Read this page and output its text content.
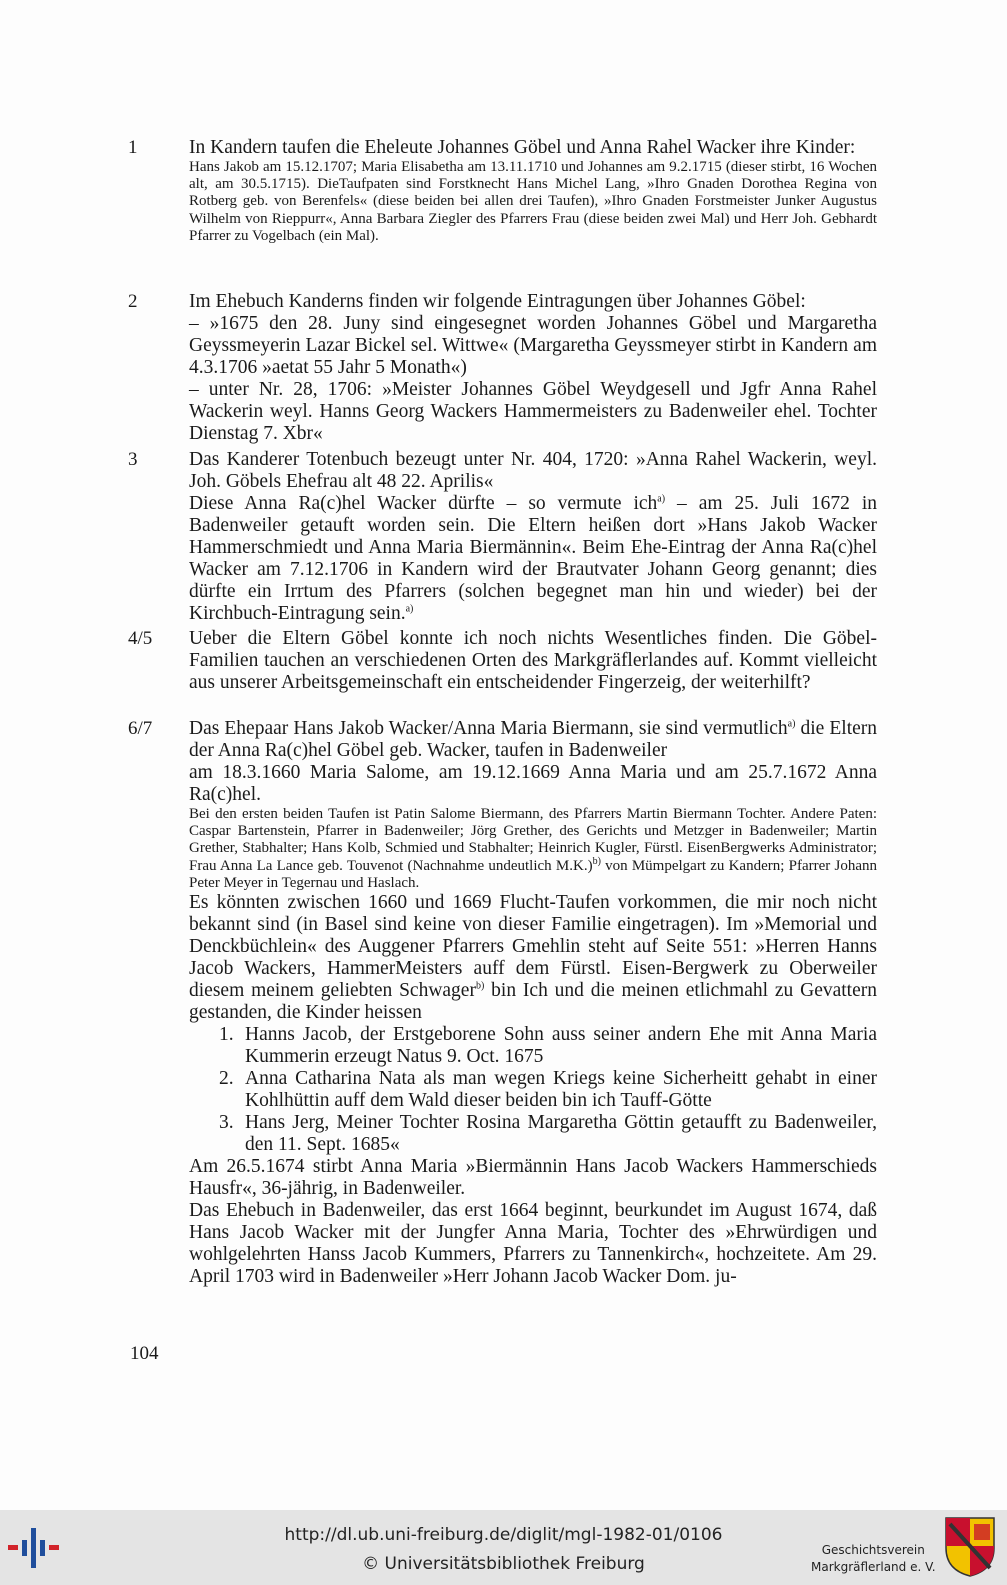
1	In Kandern taufen die Eheleute Johannes Göbel und Anna Rahel Wacker ihre Kinder:

Hans Jakob am 15.12.1707; Maria Elisabetha am 13.11.1710 und Johannes am 9.2.1715 (dieser stirbt, 16 Wochen alt, am 30.5.1715). DieTaufpaten sind Forstknecht Hans Michel Lang, »Ihro Gnaden Dorothea Regina von Rotberg geb. von Berenfels« (diese beiden bei allen drei Taufen), »Ihro Gnaden Forstmeister Junker Augustus Wilhelm von Rieppurr«, Anna Barbara Ziegler des Pfarrers Frau (diese beiden zwei Mal) und Herr Joh. Gebhardt Pfarrer zu Vogelbach (ein Mal).

2	Im Ehebuch Kanderns finden wir folgende Eintragungen über Johannes Göbel:

– »1675 den 28. Juny sind eingesegnet worden Johannes Göbel und Margaretha Geyssmeyerin Lazar Bickel sel. Wittwe« (Margaretha Geyssmeyer stirbt in Kandern am 4.3.1706 »aetat 55 Jahr 5 Monath«)

– unter Nr. 28, 1706: »Meister Johannes Göbel Weydgesell und Jgfr Anna Rahel Wackerin weyl. Hanns Georg Wackers Hammermeisters zu Badenweiler ehel. Tochter Dienstag 7. Xbr«

3	Das Kanderer Totenbuch bezeugt unter Nr. 404, 1720: »Anna Rahel Wackerin, weyl. Joh. Göbels Ehefrau alt 48 22. Aprilis«

Diese Anna Ra(c)hel Wacker dürfte – so vermute ich$^{a)}$ – am 25. Juli 1672 in Badenweiler getauft worden sein. Die Eltern heißen dort »Hans Jakob Wacker Hammerschmiedt und Anna Maria Biermännin«. Beim Ehe-Eintrag der Anna Ra(c)hel Wacker am 7.12.1706 in Kandern wird der Brautvater Johann Georg genannt; dies dürfte ein Irrtum des Pfarrers (solchen begegnet man hin und wieder) bei der Kirchbuch-Eintragung sein.$^{a)}$

4/5	Ueber die Eltern Göbel konnte ich noch nichts Wesentliches finden. Die Göbel-Familien tauchen an verschiedenen Orten des Markgräflerlandes auf. Kommt vielleicht aus unserer Arbeitsgemeinschaft ein entscheidender Fingerzeig, der weiterhilft?

6/7	Das Ehepaar Hans Jakob Wacker/Anna Maria Biermann, sie sind vermutlich$^{a)}$ die Eltern der Anna Ra(c)hel Göbel geb. Wacker, taufen in Badenweiler

am 18.3.1660 Maria Salome, am 19.12.1669 Anna Maria und am 25.7.1672 Anna Ra(c)hel.

Bei den ersten beiden Taufen ist Patin Salome Biermann, des Pfarrers Martin Biermann Tochter. Andere Paten: Caspar Bartenstein, Pfarrer in Badenweiler; Jörg Grether, des Gerichts und Metzger in Badenweiler; Martin Grether, Stabhalter; Hans Kolb, Schmied und Stabhalter; Heinrich Kugler, Fürstl. EisenBergwerks Administrator; Frau Anna La Lance geb. Touvenot (Nachnahme undeutlich M.K.)$^{b)}$ von Mümpelgart zu Kandern; Pfarrer Johann Peter Meyer in Tegernau und Haslach.

Es könnten zwischen 1660 und 1669 Flucht-Taufen vorkommen, die mir noch nicht bekannt sind (in Basel sind keine von dieser Familie eingetragen). Im »Memorial und Denckbüchlein« des Auggener Pfarrers Gmehlin steht auf Seite 551: »Herren Hanns Jacob Wackers, HammerMeisters auff dem Fürstl. Eisen-Bergwerk zu Oberweiler diesem meinem geliebten Schwager$^{b)}$ bin Ich und die meinen etlichmahl zu Gevattern gestanden, die Kinder heissen

1. Hanns Jacob, der Erstgeborene Sohn auss seiner andern Ehe mit Anna Maria Kummerin erzeugt Natus 9. Oct. 1675
2. Anna Catharina Nata als man wegen Kriegs keine Sicherheitt gehabt in einer Kohlhüttin auff dem Wald dieser beiden bin ich Tauff-Götte
3. Hans Jerg, Meiner Tochter Rosina Margaretha Göttin getaufft zu Badenweiler, den 11. Sept. 1685«

Am 26.5.1674 stirbt Anna Maria »Biermännin Hans Jacob Wackers Hammerschieds Hausfr«, 36-jährig, in Badenweiler.

Das Ehebuch in Badenweiler, das erst 1664 beginnt, beurkundet im August 1674, daß Hans Jacob Wacker mit der Jungfer Anna Maria, Tochter des »Ehrwürdigen und wohlgelehrten Hanss Jacob Kummers, Pfarrers zu Tannenkirch«, hochzeitete. Am 29. April 1703 wird in Badenweiler »Herr Johann Jacob Wacker Dom. ju-

104
http://dl.ub.uni-freiburg.de/diglit/mgl-1982-01/0106
© Universitätsbibliothek Freiburg
Geschichtsverein
Markgräflerland e. V.
